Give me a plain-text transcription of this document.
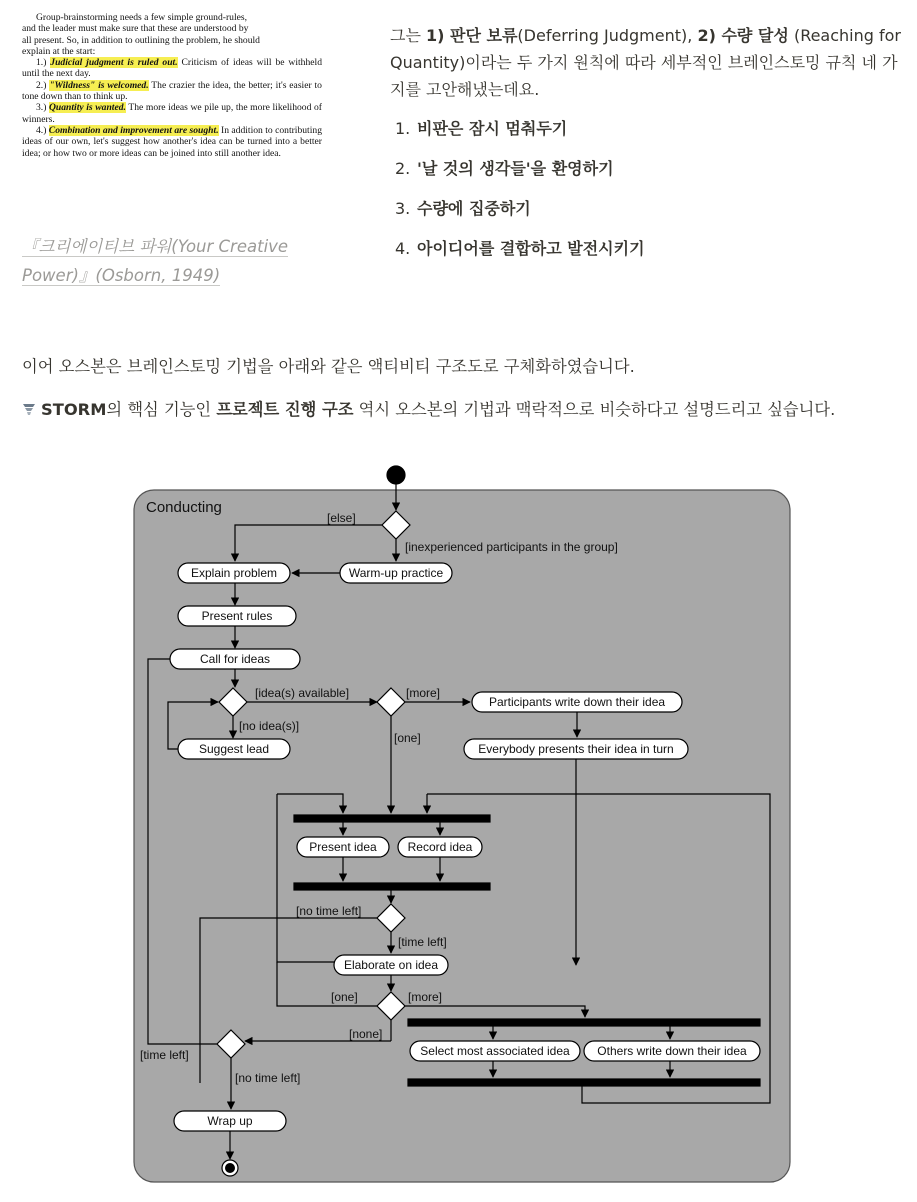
Group-brainstorming needs a few simple ground-rules,

and the leader must make sure that these are understood by

all present. So, in addition to outlining the problem, he should

explain at the start:

1.) Judicial judgment is ruled out. Criticism of ideas will be withheld until the next day.

2.) "Wildness" is welcomed. The crazier the idea, the better; it's easier to tone down than to think up.

3.) Quantity is wanted. The more ideas we pile up, the more likelihood of winners.

4.) Combination and improvement are sought. In addition to contributing ideas of our own, let's suggest how another's idea can be turned into a better idea; or how two or more ideas can be joined into still another idea.

『크리에이티브 파워(Your Creative Power)』(Osborn, 1949)
그는 1) 판단 보류(Deferring Judgment), 2) 수량 달성 (Reaching for Quantity)이라는 두 가지 원칙에 따라 세부적인 브레인스토밍 규칙 네 가지를 고안해냈는데요.
1. 비판은 잠시 멈춰두기
2. '날 것의 생각들'을 환영하기
3. 수량에 집중하기
4. 아이디어를 결합하고 발전시키기
이어 오스본은 브레인스토밍 기법을 아래와 같은 액티비티 구조도로 구체화하였습니다.
STORM의 핵심 기능인 프로젝트 진행 구조 역시 오스본의 기법과 맥락적으로 비슷하다고 설명드리고 싶습니다.
Conducting
[else]
[inexperienced participants in the group]
Warm-up practice
Explain problem
Present rules
Call for ideas
[idea(s) available]
[no idea(s)]
Suggest lead
[more]
[one]
Participants write down their idea
Everybody presents their idea in turn
Present idea	Record idea
[no time left]
[time left]
Elaborate on idea
[one]	[more]
[none]
Select most associated idea Others write down their idea
[time left]
[no time left]
Wrap up
